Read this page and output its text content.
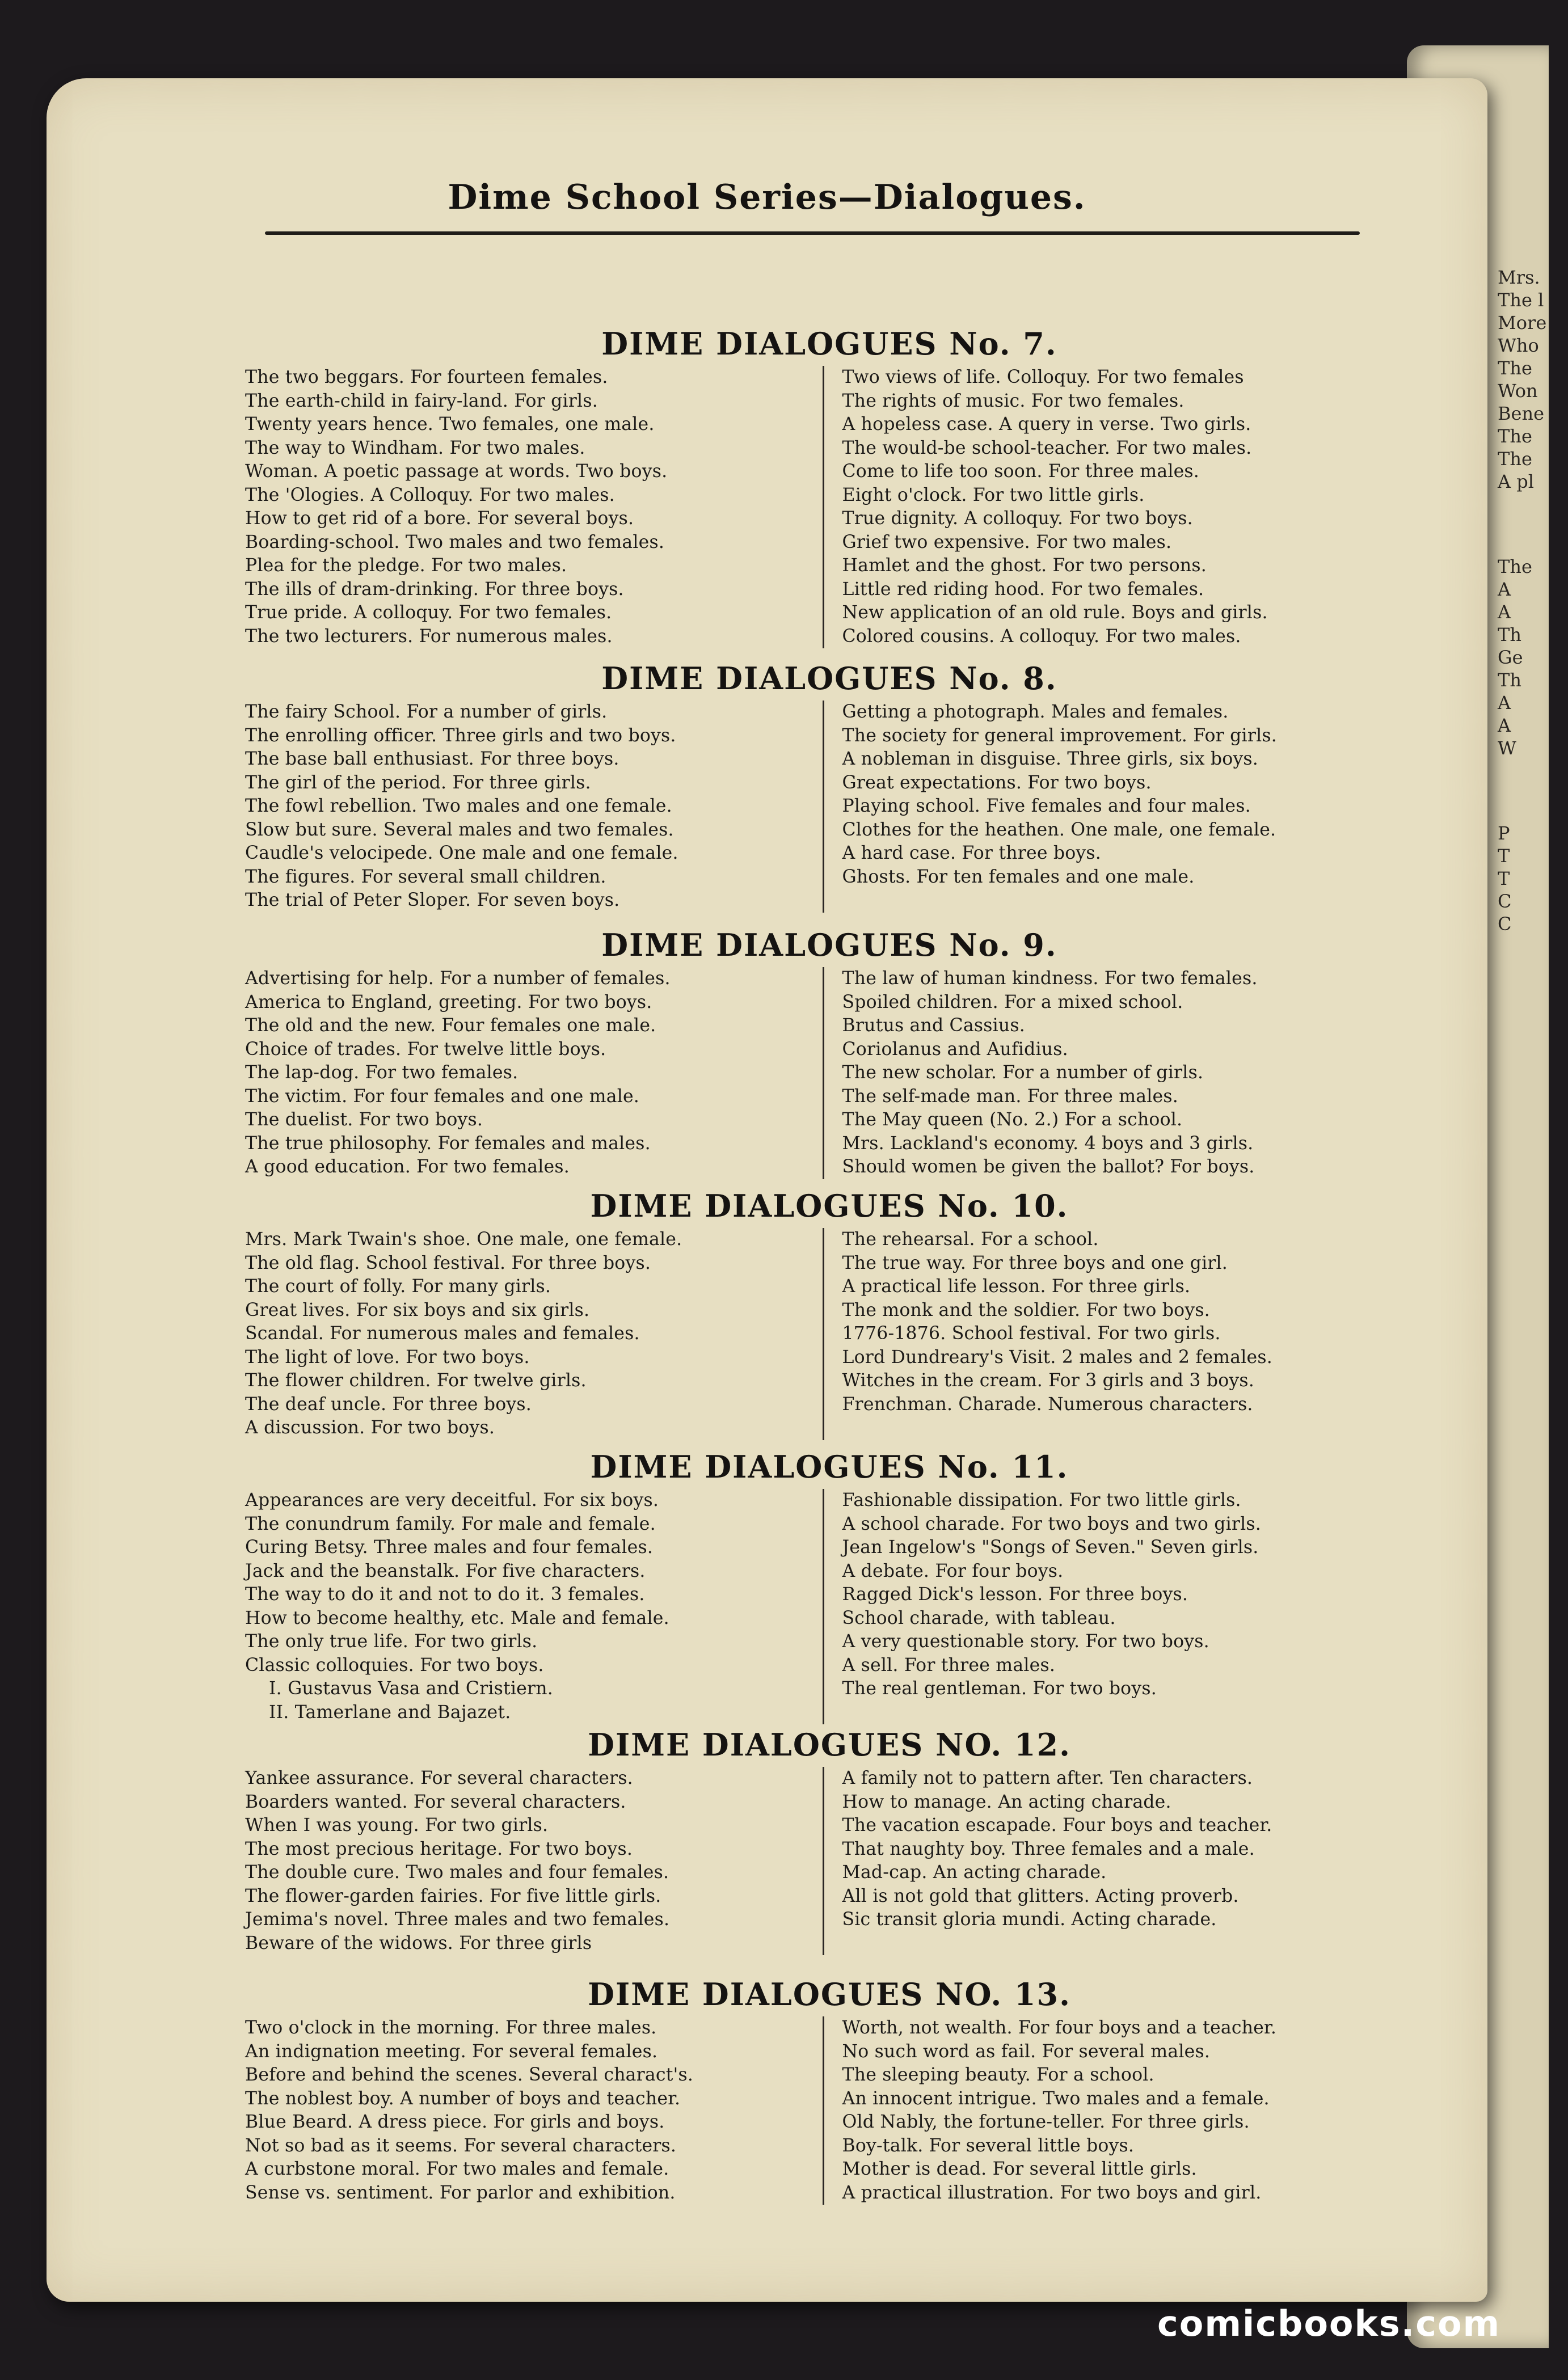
Mrs.
The l
More
Who
The
Won
Bene
The
The
A pl
The
A
A
Th
Ge
Th
A
A
W
P
T
T
C
C
Dime School Series—Dialogues.
DIME DIALOGUES No. 7.
The two beggars. For fourteen females.
The earth-child in fairy-land. For girls.
Twenty years hence. Two females, one male.
The way to Windham. For two males.
Woman. A poetic passage at words. Two boys.
The 'Ologies. A Colloquy. For two males.
How to get rid of a bore. For several boys.
Boarding-school. Two males and two females.
Plea for the pledge. For two males.
The ills of dram-drinking. For three boys.
True pride. A colloquy. For two females.
The two lecturers. For numerous males.
Two views of life. Colloquy. For two females
The rights of music. For two females.
A hopeless case. A query in verse. Two girls.
The would-be school-teacher. For two males.
Come to life too soon. For three males.
Eight o'clock. For two little girls.
True dignity. A colloquy. For two boys.
Grief two expensive. For two males.
Hamlet and the ghost. For two persons.
Little red riding hood. For two females.
New application of an old rule. Boys and girls.
Colored cousins. A colloquy. For two males.
DIME DIALOGUES No. 8.
The fairy School. For a number of girls.
The enrolling officer. Three girls and two boys.
The base ball enthusiast. For three boys.
The girl of the period. For three girls.
The fowl rebellion. Two males and one female.
Slow but sure. Several males and two females.
Caudle's velocipede. One male and one female.
The figures. For several small children.
The trial of Peter Sloper. For seven boys.
Getting a photograph. Males and females.
The society for general improvement. For girls.
A nobleman in disguise. Three girls, six boys.
Great expectations. For two boys.
Playing school. Five females and four males.
Clothes for the heathen. One male, one female.
A hard case. For three boys.
Ghosts. For ten females and one male.
DIME DIALOGUES No. 9.
Advertising for help. For a number of females.
America to England, greeting. For two boys.
The old and the new. Four females one male.
Choice of trades. For twelve little boys.
The lap-dog. For two females.
The victim. For four females and one male.
The duelist. For two boys.
The true philosophy. For females and males.
A good education. For two females.
The law of human kindness. For two females.
Spoiled children. For a mixed school.
Brutus and Cassius.
Coriolanus and Aufidius.
The new scholar. For a number of girls.
The self-made man. For three males.
The May queen (No. 2.) For a school.
Mrs. Lackland's economy. 4 boys and 3 girls.
Should women be given the ballot? For boys.
DIME DIALOGUES No. 10.
Mrs. Mark Twain's shoe. One male, one female.
The old flag. School festival. For three boys.
The court of folly. For many girls.
Great lives. For six boys and six girls.
Scandal. For numerous males and females.
The light of love. For two boys.
The flower children. For twelve girls.
The deaf uncle. For three boys.
A discussion. For two boys.
The rehearsal. For a school.
The true way. For three boys and one girl.
A practical life lesson. For three girls.
The monk and the soldier. For two boys.
1776-1876. School festival. For two girls.
Lord Dundreary's Visit. 2 males and 2 females.
Witches in the cream. For 3 girls and 3 boys.
Frenchman. Charade. Numerous characters.
DIME DIALOGUES No. 11.
Appearances are very deceitful. For six boys.
The conundrum family. For male and female.
Curing Betsy. Three males and four females.
Jack and the beanstalk. For five characters.
The way to do it and not to do it. 3 females.
How to become healthy, etc. Male and female.
The only true life. For two girls.
Classic colloquies. For two boys.
I. Gustavus Vasa and Cristiern.
II. Tamerlane and Bajazet.
Fashionable dissipation. For two little girls.
A school charade. For two boys and two girls.
Jean Ingelow's "Songs of Seven." Seven girls.
A debate. For four boys.
Ragged Dick's lesson. For three boys.
School charade, with tableau.
A very questionable story. For two boys.
A sell. For three males.
The real gentleman. For two boys.
DIME DIALOGUES NO. 12.
Yankee assurance. For several characters.
Boarders wanted. For several characters.
When I was young. For two girls.
The most precious heritage. For two boys.
The double cure. Two males and four females.
The flower-garden fairies. For five little girls.
Jemima's novel. Three males and two females.
Beware of the widows. For three girls
A family not to pattern after. Ten characters.
How to manage. An acting charade.
The vacation escapade. Four boys and teacher.
That naughty boy. Three females and a male.
Mad-cap. An acting charade.
All is not gold that glitters. Acting proverb.
Sic transit gloria mundi. Acting charade.
DIME DIALOGUES NO. 13.
Two o'clock in the morning. For three males.
An indignation meeting. For several females.
Before and behind the scenes. Several charact's.
The noblest boy. A number of boys and teacher.
Blue Beard. A dress piece. For girls and boys.
Not so bad as it seems. For several characters.
A curbstone moral. For two males and female.
Sense vs. sentiment. For parlor and exhibition.
Worth, not wealth. For four boys and a teacher.
No such word as fail. For several males.
The sleeping beauty. For a school.
An innocent intrigue. Two males and a female.
Old Nably, the fortune-teller. For three girls.
Boy-talk. For several little boys.
Mother is dead. For several little girls.
A practical illustration. For two boys and girl.
comicbooks.com
